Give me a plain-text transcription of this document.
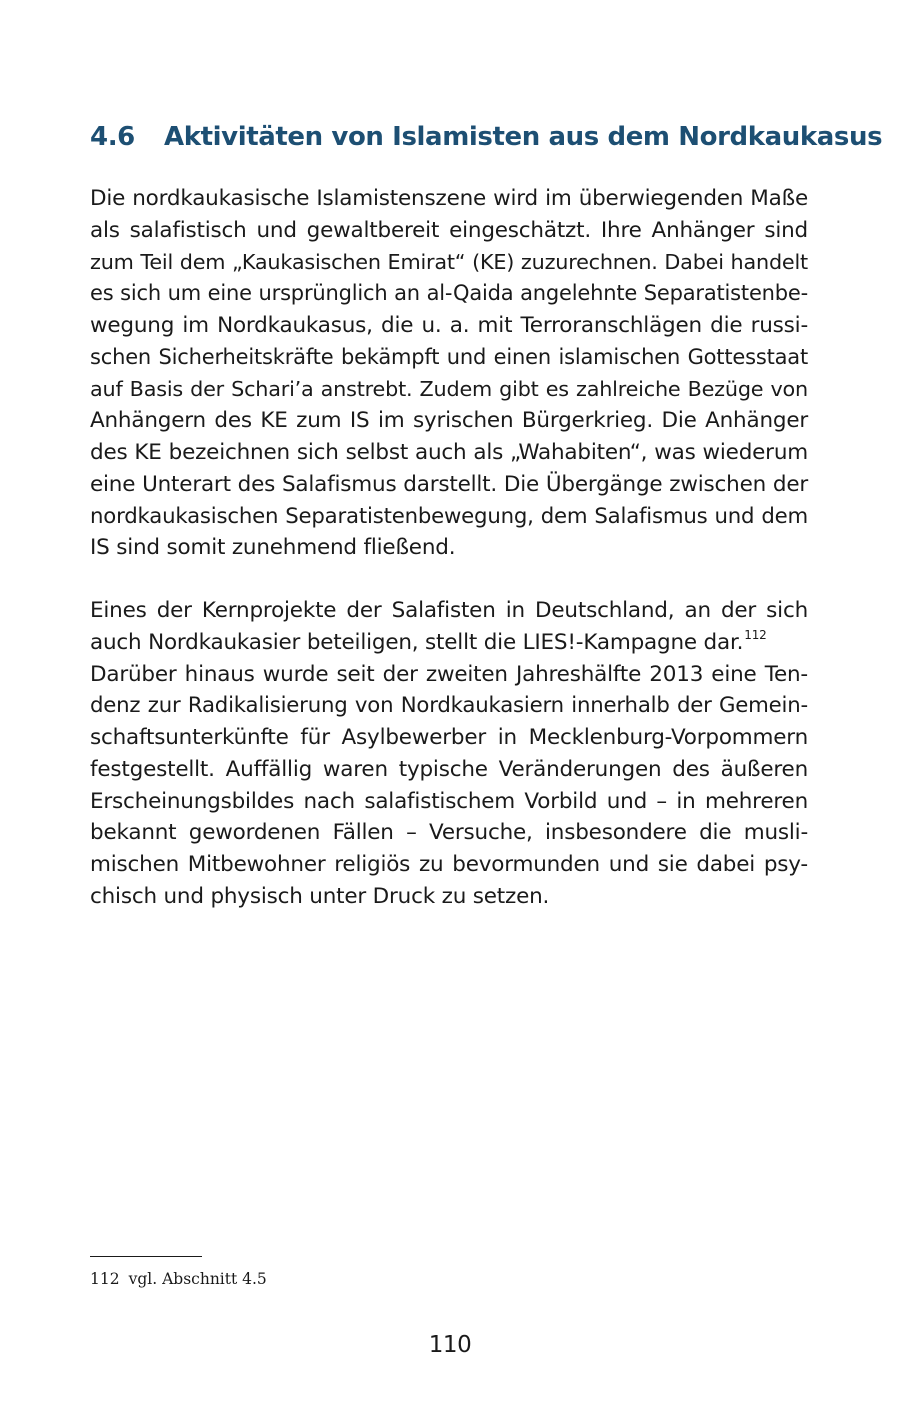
4.6	Aktivitäten von Islamisten aus dem Nordkaukasus
Die nordkaukasische Islamistenszene wird im überwiegenden Maße
als salafistisch und gewaltbereit eingeschätzt. Ihre Anhänger sind
zum Teil dem „Kaukasischen Emirat“ (KE) zuzurechnen. Dabei handelt
es sich um eine ursprünglich an al-Qaida angelehnte Separatistenbe-
wegung im Nordkaukasus, die u. a. mit Terroranschlägen die russi-
schen Sicherheitskräfte bekämpft und einen islamischen Gottesstaat
auf Basis der Schari’a anstrebt. Zudem gibt es zahlreiche Bezüge von
Anhängern des KE zum IS im syrischen Bürgerkrieg. Die Anhänger
des KE bezeichnen sich selbst auch als „Wahabiten“, was wiederum
eine Unterart des Salafismus darstellt. Die Übergänge zwischen der
nordkaukasischen Separatistenbewegung, dem Salafismus und dem
IS sind somit zunehmend fließend.
Eines der Kernprojekte der Salafisten in Deutschland, an der sich
auch Nordkaukasier beteiligen, stellt die LIES!-Kampagne dar.$^{112}$
Darüber hinaus wurde seit der zweiten Jahreshälfte 2013 eine Ten-
denz zur Radikalisierung von Nordkaukasiern innerhalb der Gemein-
schaftsunterkünfte für Asylbewerber in Mecklenburg-Vorpommern
festgestellt. Auffällig waren typische Veränderungen des äußeren
Erscheinungsbildes nach salafistischem Vorbild und – in mehreren
bekannt gewordenen Fällen – Versuche, insbesondere die musli-
mischen Mitbewohner religiös zu bevormunden und sie dabei psy-
chisch und physisch unter Druck zu setzen.
112 vgl. Abschnitt 4.5
110
